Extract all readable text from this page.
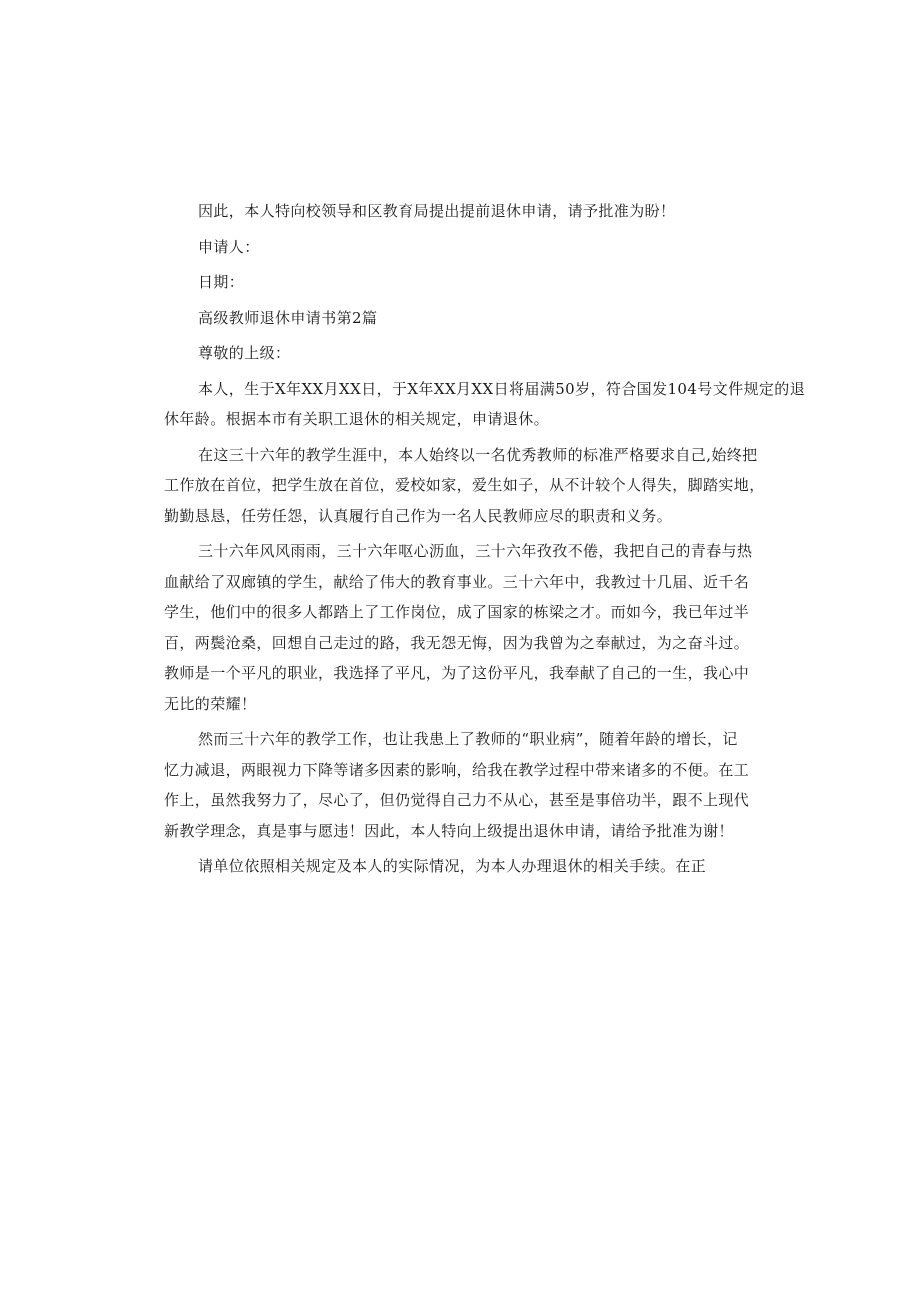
因此，本人特向校领导和区教育局提出提前退休申请，请予批准为盼！

申请人：

日期：

高级教师退休申请书第2篇

尊敬的上级：

本人，生于X年XX月XX日，于X年XX月XX日将届满50岁，符合国发104号文件规定的退
休年龄。根据本市有关职工退休的相关规定，申请退休。
在这三十六年的教学生涯中，本人始终以一名优秀教师的标准严格要求自己,始终把
工作放在首位，把学生放在首位，爱校如家，爱生如子，从不计较个人得失，脚踏实地，
勤勤恳恳，任劳任怨，认真履行自己作为一名人民教师应尽的职责和义务。
三十六年风风雨雨，三十六年呕心沥血，三十六年孜孜不倦，我把自己的青春与热
血献给了双廊镇的学生，献给了伟大的教育事业。三十六年中，我教过十几届、近千名
学生，他们中的很多人都踏上了工作岗位，成了国家的栋梁之才。而如今，我已年过半
百，两鬓沧桑，回想自己走过的路，我无怨无悔，因为我曾为之奉献过，为之奋斗过。
教师是一个平凡的职业，我选择了平凡，为了这份平凡，我奉献了自己的一生，我心中
无比的荣耀！
然而三十六年的教学工作，也让我患上了教师的“职业病”，随着年龄的增长，记
忆力减退，两眼视力下降等诸多因素的影响，给我在教学过程中带来诸多的不便。在工
作上，虽然我努力了，尽心了，但仍觉得自己力不从心，甚至是事倍功半，跟不上现代
新教学理念，真是事与愿违！因此，本人特向上级提出退休申请，请给予批准为谢！
请单位依照相关规定及本人的实际情况，为本人办理退休的相关手续。在正
